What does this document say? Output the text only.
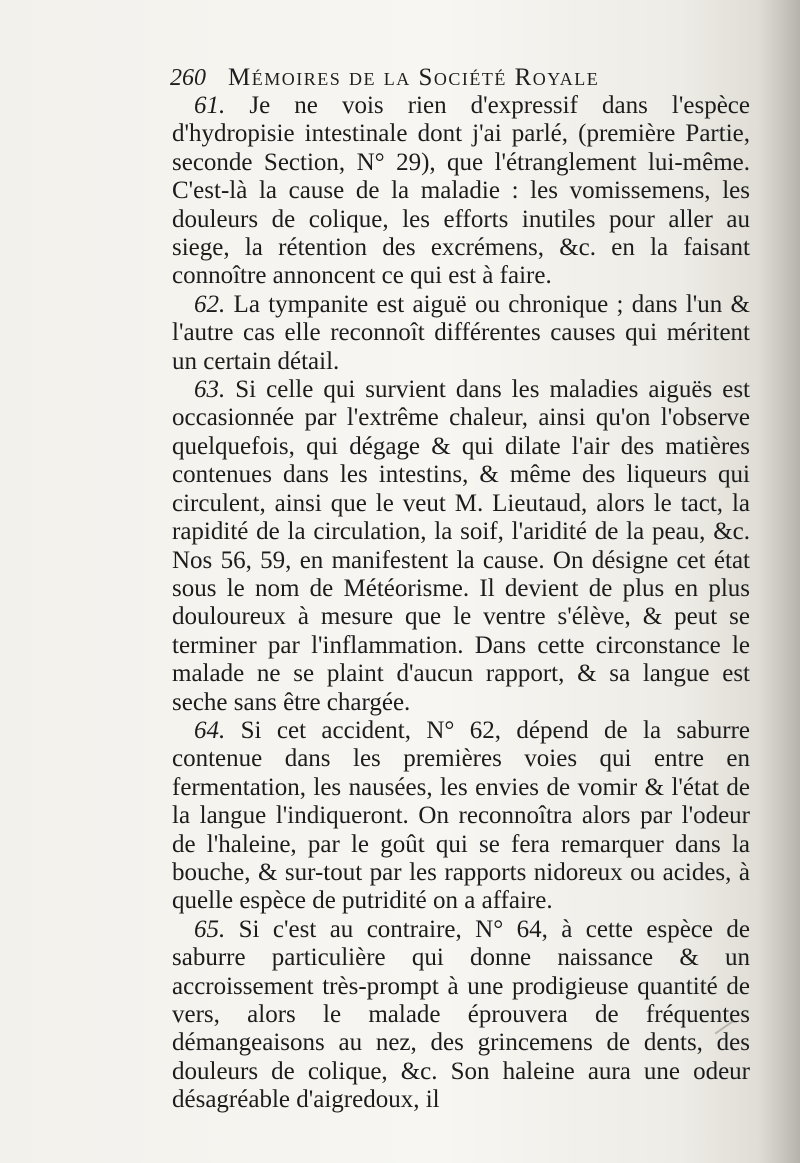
260 Mémoires de la Société Royale

61. Je ne vois rien d'expressif dans l'espèce d'hydropisie intestinale dont j'ai parlé, (première Partie, seconde Section, N° 29), que l'étranglement lui-même. C'est-là la cause de la maladie : les vomissemens, les douleurs de colique, les efforts inutiles pour aller au siege, la rétention des excrémens, &c. en la faisant connoître annoncent ce qui est à faire.

62. La tympanite est aiguë ou chronique ; dans l'un & l'autre cas elle reconnoît différentes causes qui méritent un certain détail.

63. Si celle qui survient dans les maladies aiguës est occasionnée par l'extrême chaleur, ainsi qu'on l'observe quelquefois, qui dégage & qui dilate l'air des matières contenues dans les intestins, & même des liqueurs qui circulent, ainsi que le veut M. Lieutaud, alors le tact, la rapidité de la circulation, la soif, l'aridité de la peau, &c. Nos 56, 59, en manifestent la cause. On désigne cet état sous le nom de Météorisme. Il devient de plus en plus douloureux à mesure que le ventre s'élève, & peut se terminer par l'inflammation. Dans cette circonstance le malade ne se plaint d'aucun rapport, & sa langue est seche sans être chargée.

64. Si cet accident, N° 62, dépend de la saburre contenue dans les premières voies qui entre en fermentation, les nausées, les envies de vomir & l'état de la langue l'indiqueront. On reconnoîtra alors par l'odeur de l'haleine, par le goût qui se fera remarquer dans la bouche, & sur-tout par les rapports nidoreux ou acides, à quelle espèce de putridité on a affaire.

65. Si c'est au contraire, N° 64, à cette espèce de saburre particulière qui donne naissance & un accroissement très-prompt à une prodigieuse quantité de vers, alors le malade éprouvera de fréquentes démangeaisons au nez, des grincemens de dents, des douleurs de colique, &c. Son haleine aura une odeur désagréable d'aigredoux, il
